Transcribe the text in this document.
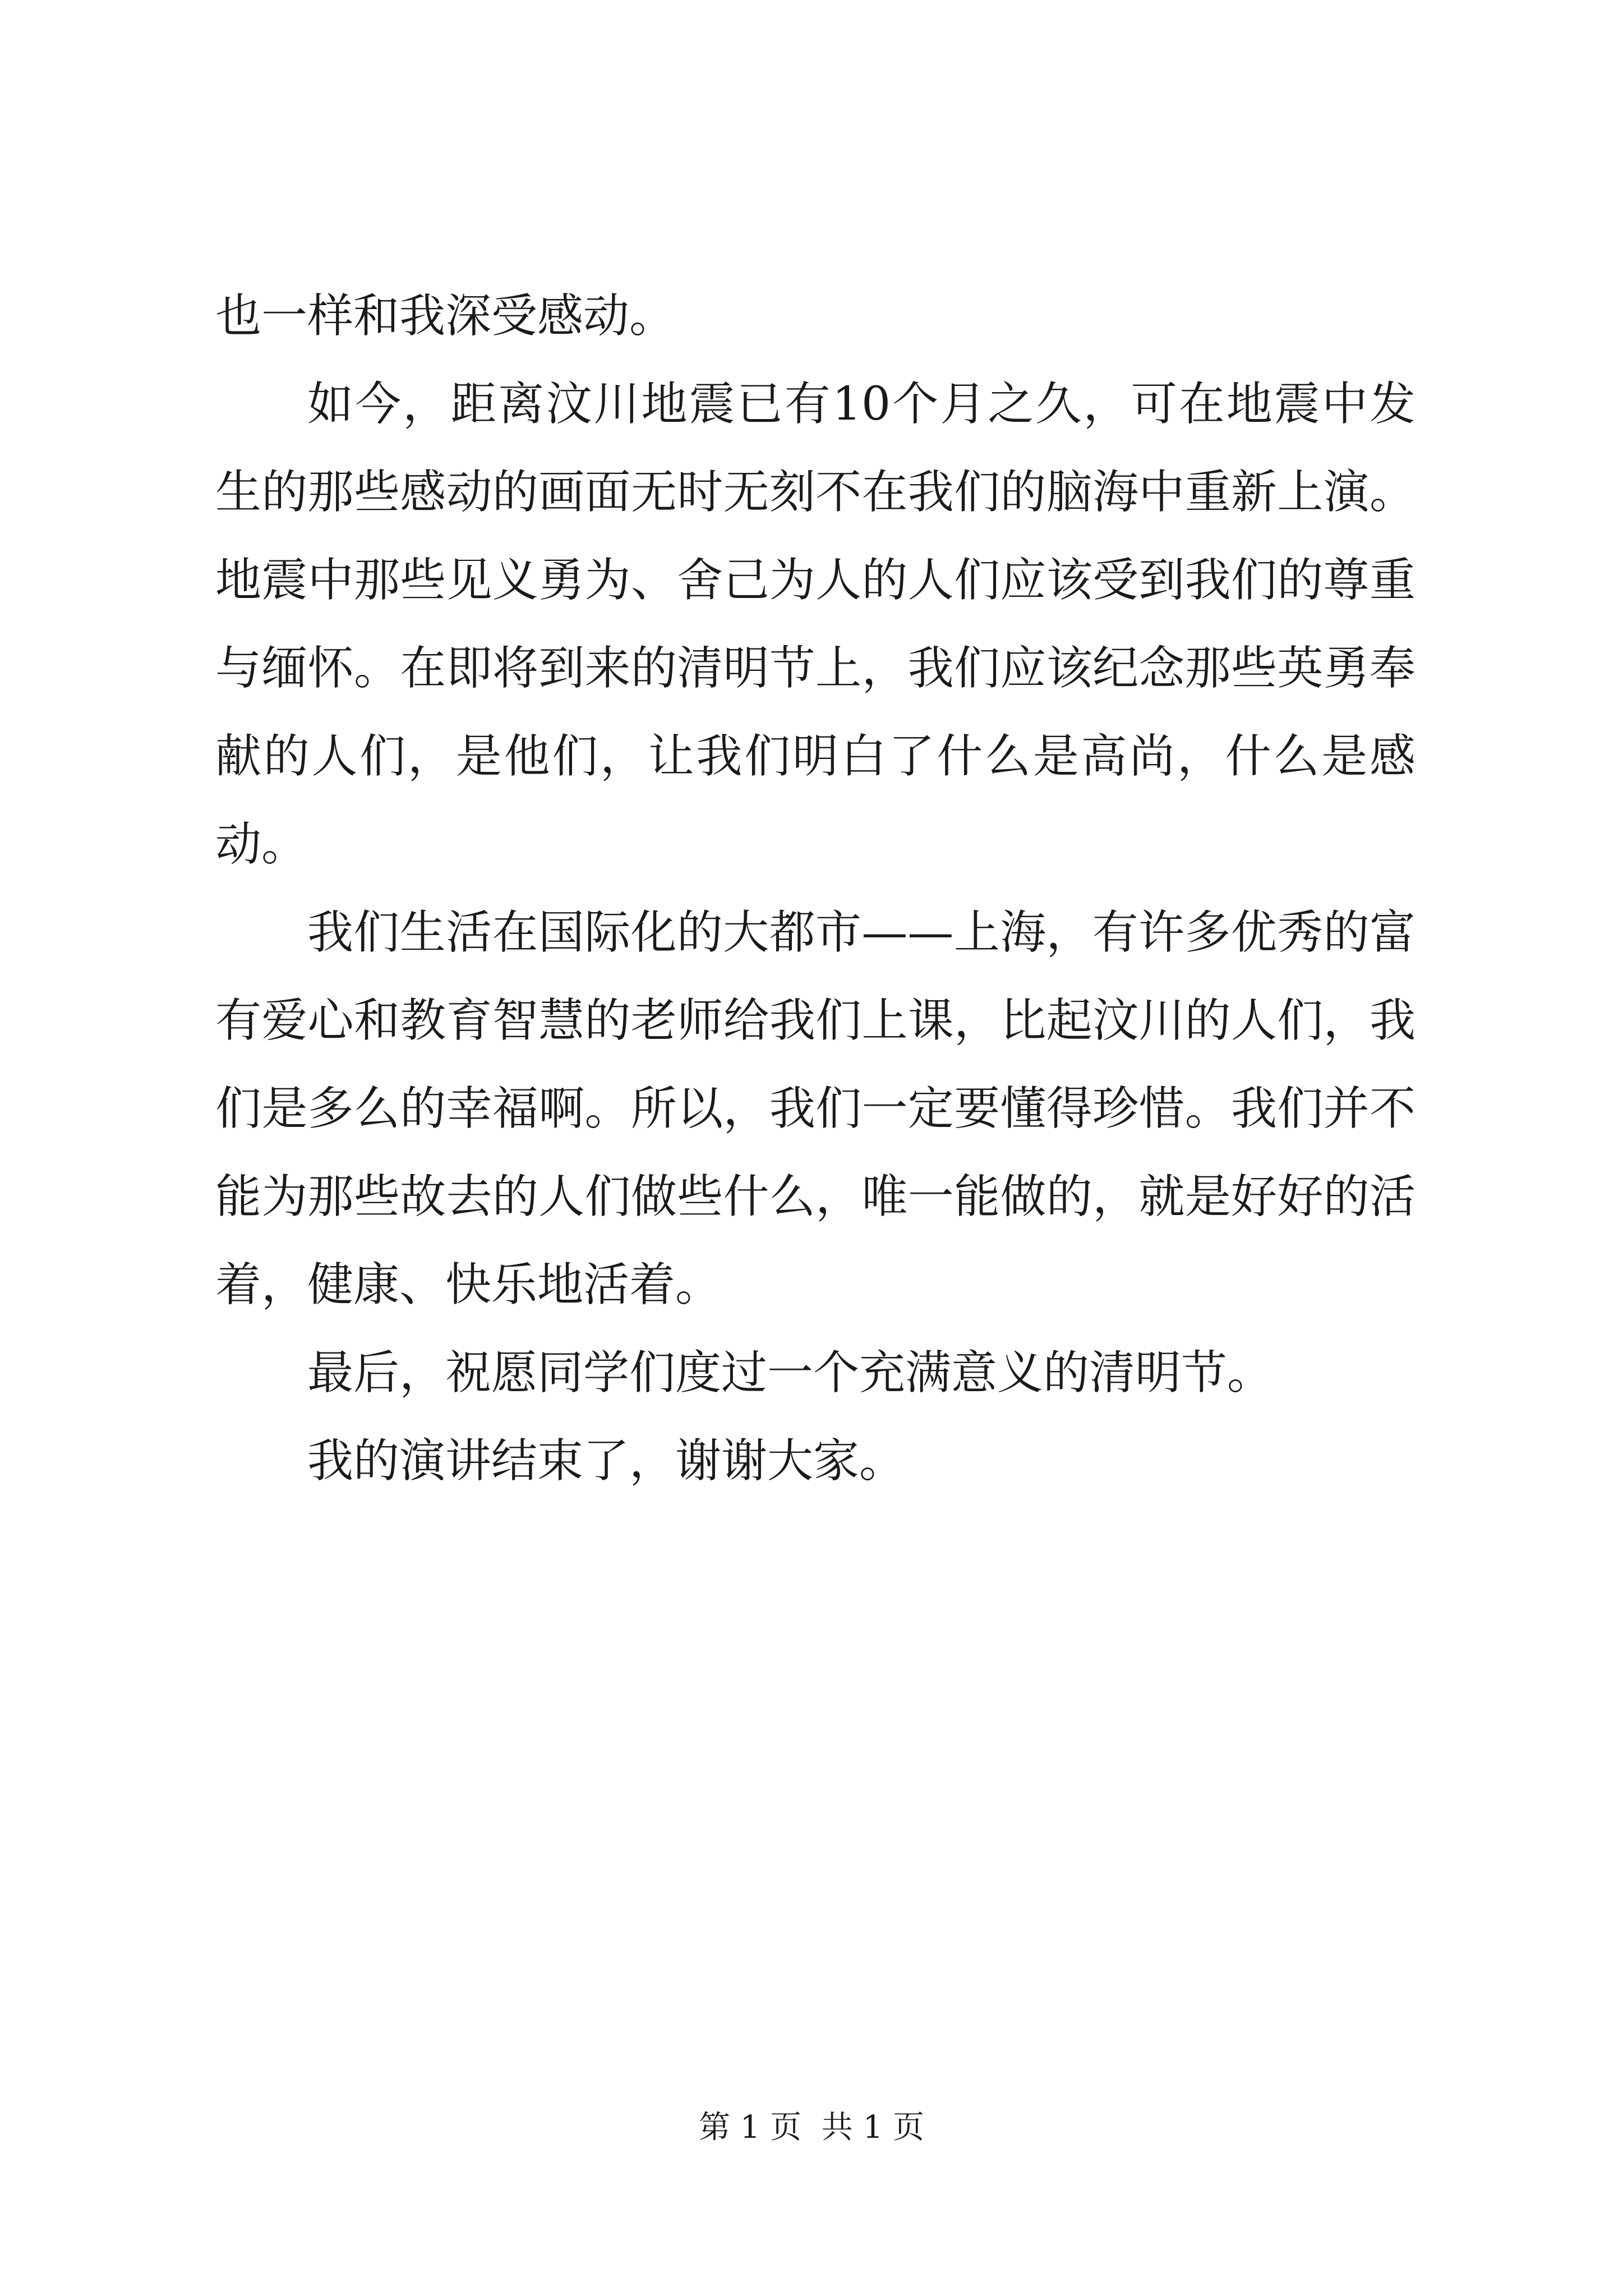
也一样和我深受感动。

如今，距离汶川地震已有10个月之久，可在地震中发生的那些感动的画面无时无刻不在我们的脑海中重新上演。地震中那些见义勇为、舍己为人的人们应该受到我们的尊重与缅怀。在即将到来的清明节上，我们应该纪念那些英勇奉献的人们，是他们，让我们明白了什么是高尚，什么是感动。

我们生活在国际化的大都市——上海，有许多优秀的富有爱心和教育智慧的老师给我们上课，比起汶川的人们，我们是多么的幸福啊。所以，我们一定要懂得珍惜。我们并不能为那些故去的人们做些什么，唯一能做的，就是好好的活着，健康、快乐地活着。

最后，祝愿同学们度过一个充满意义的清明节。

我的演讲结束了，谢谢大家。

第 1 页  共 1 页
